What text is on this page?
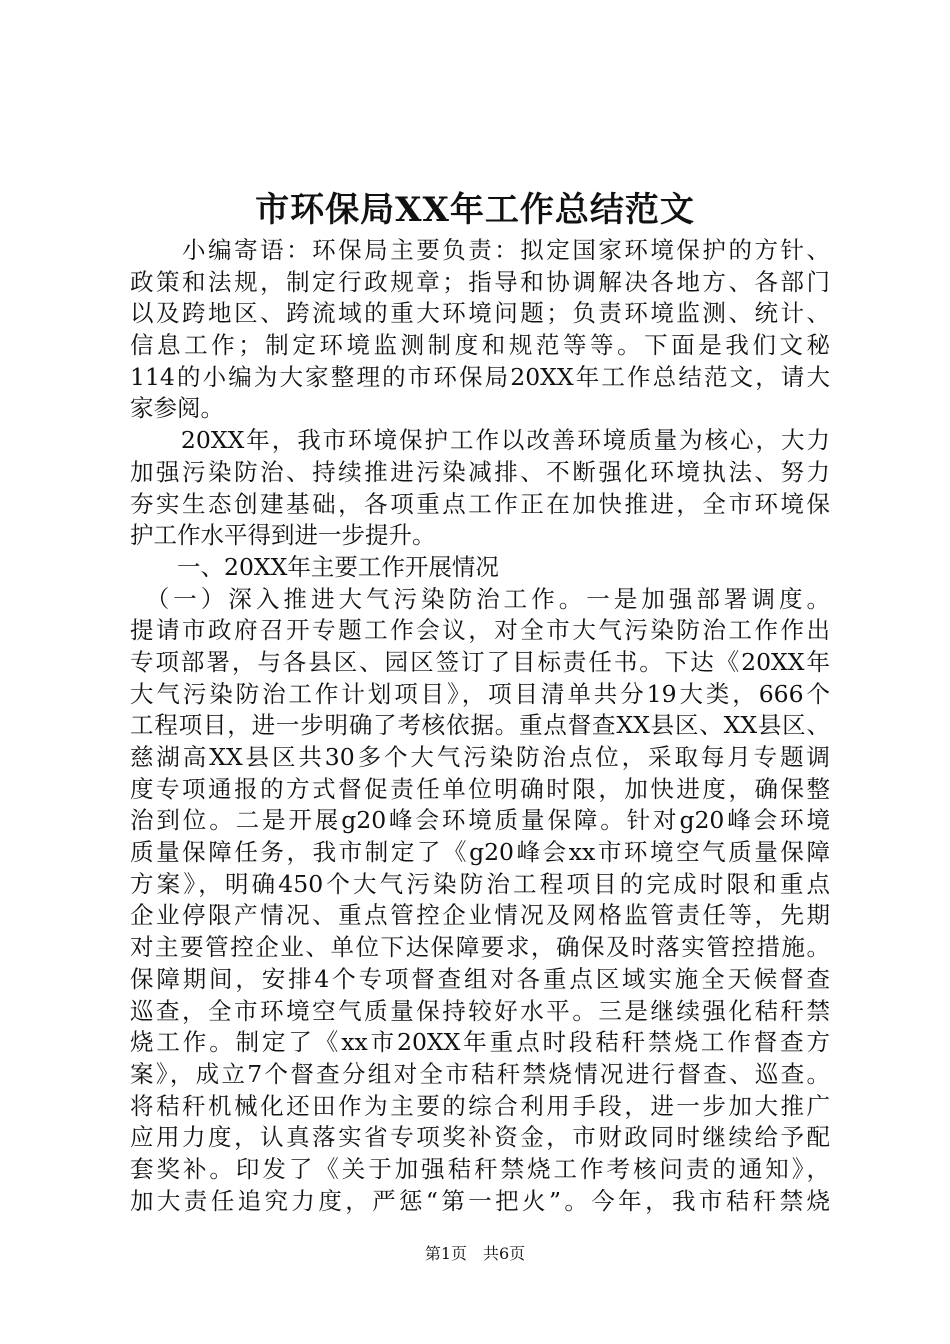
市环保局XX年工作总结范文
　　小编寄语：环保局主要负责：拟定国家环境保护的方针、
政策和法规，制定行政规章；指导和协调解决各地方、各部门
以及跨地区、跨流域的重大环境问题；负责环境监测、统计、
信息工作；制定环境监测制度和规范等等。下面是我们文秘
114的小编为大家整理的市环保局20XX年工作总结范文，请大
家参阅。
　　20XX年，我市环境保护工作以改善环境质量为核心，大力
加强污染防治、持续推进污染减排、不断强化环境执法、努力
夯实生态创建基础，各项重点工作正在加快推进，全市环境保
护工作水平得到进一步提升。
　　一、20XX年主要工作开展情况
　（一）深入推进大气污染防治工作。一是加强部署调度。
提请市政府召开专题工作会议，对全市大气污染防治工作作出
专项部署，与各县区、园区签订了目标责任书。下达《20XX年
大气污染防治工作计划项目》，项目清单共分19大类，666个
工程项目，进一步明确了考核依据。重点督查XX县区、XX县区、
慈湖高XX县区共30多个大气污染防治点位，采取每月专题调
度专项通报的方式督促责任单位明确时限，加快进度，确保整
治到位。二是开展g20峰会环境质量保障。针对g20峰会环境
质量保障任务，我市制定了《g20峰会xx市环境空气质量保障
方案》，明确450个大气污染防治工程项目的完成时限和重点
企业停限产情况、重点管控企业情况及网格监管责任等，先期
对主要管控企业、单位下达保障要求，确保及时落实管控措施。
保障期间，安排4个专项督查组对各重点区域实施全天候督查
巡查，全市环境空气质量保持较好水平。三是继续强化秸秆禁
烧工作。制定了《xx市20XX年重点时段秸秆禁烧工作督查方
案》，成立7个督查分组对全市秸秆禁烧情况进行督查、巡查。
将秸秆机械化还田作为主要的综合利用手段，进一步加大推广
应用力度，认真落实省专项奖补资金，市财政同时继续给予配
套奖补。印发了《关于加强秸秆禁烧工作考核问责的通知》，
加大责任追究力度，严惩“第一把火”。今年，我市秸秆禁烧
第1页　共6页
